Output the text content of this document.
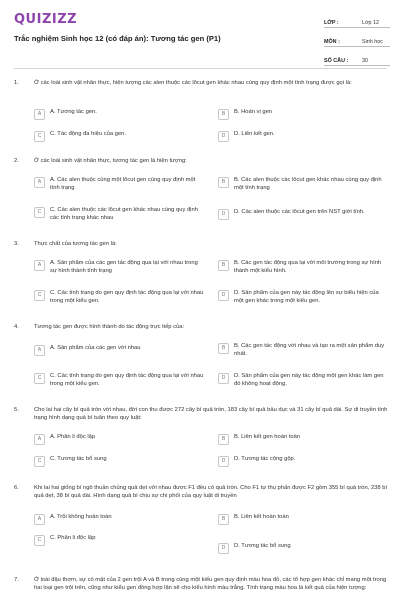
QUIZIZZ
Trắc nghiệm Sinh học 12 (có đáp án): Tương tác gen (P1)
LỚP :	Lớp 12
MÔN :	Sinh học
SỐ CÂU :	30
1.	Ở các loài sinh vật nhân thực, hiện tượng các alen thuộc các lôcut gen khác nhau cùng quy định một tính trạng được gọi là:
A	A. Tương tác gen.	B	B. Hoán vị gen
C	C. Tác động đa hiệu của gen.	D	D. Liên kết gen.
2.	Ở các loài sinh vật nhân thực, tương tác gen là hiện tượng:
A	A. Các alen thuộc cùng một lôcut gen cùng quy định một tính trạng
B	B. Các alen thuộc các lôcut gen khác nhau cùng quy định một tính trạng
C	C. Các alen thuộc các lôcut gen khác nhau cùng quy định các tính trạng khác nhau
D	D. Các alen thuộc các lôcut gen trên NST giới tính.
3.	Thực chất của tương tác gen là:
A	A. Sản phẩm của các gen tác động qua lại với nhau trong sự hình thành tính trạng
B	B. Các gen tác động qua lại với môi trường trong sự hình thành một kiểu hình.
C	C. Các tính trạng do gen quy định tác động qua lại với nhau trong một kiểu gen.
D	D. Sản phẩm của gen này tác động lên sự biểu hiện của một gen khác trong một kiểu gen.
4.	Tương tác gen được hình thành do tác động trực tiếp của:
A	A. Sản phẩm của các gen với nhau	B	B. Các gen tác động với nhau và tạo ra một sản phẩm duy nhất.
C	C. Các tính trạng do gen quy định tác động qua lại với nhau trong một kiểu gen.
D	D. Sản phẩm của gen này tác động một gen khác làm gen đó không hoạt động.
5.	Cho lai hai cây bí quả tròn với nhau, đời con thu được 272 cây bí quả tròn, 183 cây bí quả bầu dục và 31 cây bí quả dài. Sự di truyền tính trạng hình dạng quả bí tuân theo quy luật:
A	A. Phân li độc lập	B	B. Liên kết gen hoàn toàn
C	C. Tương tác bổ sung	D	D. Tương tác cộng gộp.
6.	Khi lai hai giống bí ngô thuần chủng quả dẹt với nhau được F1 đều có quả tròn. Cho F1 tự thụ phấn được F2 gồm 355 bí quả tròn, 238 bí quả dẹt, 38 bí quả dài. Hình dạng quả bí chịu sự chi phối của quy luật di truyền
A	A. Trội không hoàn toàn	B	B. Liên kết hoàn toàn
C	C. Phân li độc lập
D	D. Tương tác bổ sung
7.	Ở loài đậu thơm, sự có mặt của 2 gen trội A và B trong cùng một kiểu gen quy định màu hoa đỏ, các tổ hợp gen khác chỉ mang một trong hai loại gen trội trên, cũng như kiểu gen đồng hợp lặn sẽ cho kiểu hình màu trắng. Tính trạng màu hoa là kết quả của hiện tượng:
